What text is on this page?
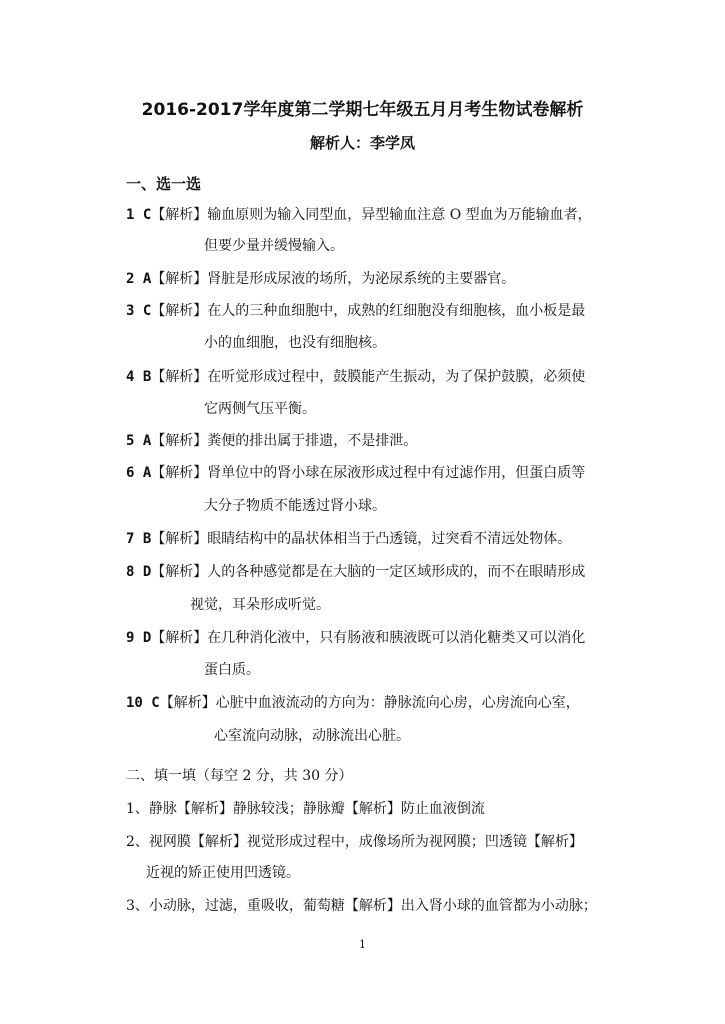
2016-2017学年度第二学期七年级五月月考生物试卷解析
解析人：李学凤
一、选一选
1 C【解析】输血原则为输入同型血，异型输血注意 O 型血为万能输血者，
但要少量并缓慢输入。
2 A【解析】肾脏是形成尿液的场所，为泌尿系统的主要器官。
3 C【解析】在人的三种血细胞中，成熟的红细胞没有细胞核，血小板是最
小的血细胞，也没有细胞核。
4 B【解析】在听觉形成过程中，鼓膜能产生振动，为了保护鼓膜，必须使
它两侧气压平衡。
5 A【解析】粪便的排出属于排遗，不是排泄。
6 A【解析】肾单位中的肾小球在尿液形成过程中有过滤作用，但蛋白质等
大分子物质不能透过肾小球。
7 B【解析】眼睛结构中的晶状体相当于凸透镜，过突看不清远处物体。
8 D【解析】人的各种感觉都是在大脑的一定区域形成的，而不在眼睛形成
视觉，耳朵形成听觉。
9 D【解析】在几种消化液中，只有肠液和胰液既可以消化糖类又可以消化
蛋白质。
10 C【解析】心脏中血液流动的方向为：静脉流向心房，心房流向心室，
心室流向动脉，动脉流出心脏。
二、填一填（每空 2 分，共 30 分）
1、静脉【解析】静脉较浅；静脉瓣【解析】防止血液倒流
2、视网膜【解析】视觉形成过程中，成像场所为视网膜；凹透镜【解析】
近视的矫正使用凹透镜。
3、小动脉，过滤，重吸收，葡萄糖【解析】出入肾小球的血管都为小动脉；
1
